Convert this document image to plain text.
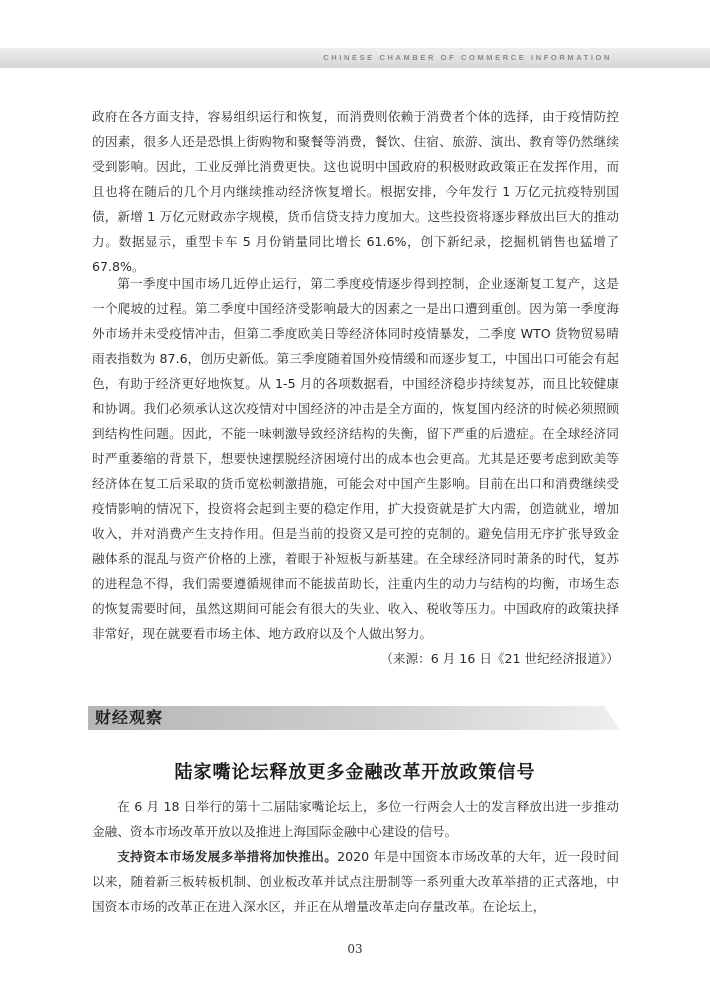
CHINESE CHAMBER OF COMMERCE INFORMATION

政府在各方面支持，容易组织运行和恢复，而消费则依赖于消费者个体的选择，由于疫情防控的因素，很多人还是恐惧上街购物和聚餐等消费，餐饮、住宿、旅游、演出、教育等仍然继续受到影响。因此，工业反弹比消费更快。这也说明中国政府的积极财政政策正在发挥作用，而且也将在随后的几个月内继续推动经济恢复增长。根据安排，今年发行 1 万亿元抗疫特别国债，新增 1 万亿元财政赤字规模，货币信贷支持力度加大。这些投资将逐步释放出巨大的推动力。数据显示，重型卡车 5 月份销量同比增长 61.6%，创下新纪录，挖掘机销售也猛增了 67.8%。

第一季度中国市场几近停止运行，第二季度疫情逐步得到控制，企业逐渐复工复产，这是一个爬坡的过程。第二季度中国经济受影响最大的因素之一是出口遭到重创。因为第一季度海外市场并未受疫情冲击，但第二季度欧美日等经济体同时疫情暴发，二季度 WTO 货物贸易晴雨表指数为 87.6，创历史新低。第三季度随着国外疫情缓和而逐步复工，中国出口可能会有起色，有助于经济更好地恢复。从 1-5 月的各项数据看，中国经济稳步持续复苏，而且比较健康和协调。我们必须承认这次疫情对中国经济的冲击是全方面的，恢复国内经济的时候必须照顾到结构性问题。因此，不能一味刺激导致经济结构的失衡，留下严重的后遗症。在全球经济同时严重萎缩的背景下，想要快速摆脱经济困境付出的成本也会更高。尤其是还要考虑到欧美等经济体在复工后采取的货币宽松刺激措施，可能会对中国产生影响。目前在出口和消费继续受疫情影响的情况下，投资将会起到主要的稳定作用，扩大投资就是扩大内需，创造就业，增加收入，并对消费产生支持作用。但是当前的投资又是可控的克制的。避免信用无序扩张导致金融体系的混乱与资产价格的上涨，着眼于补短板与新基建。在全球经济同时萧条的时代，复苏的进程急不得，我们需要遵循规律而不能拔苗助长，注重内生的动力与结构的均衡，市场生态的恢复需要时间，虽然这期间可能会有很大的失业、收入、税收等压力。中国政府的政策抉择非常好，现在就要看市场主体、地方政府以及个人做出努力。
（来源：6 月 16 日《21 世纪经济报道》）

财经观察
陆家嘴论坛释放更多金融改革开放政策信号

在 6 月 18 日举行的第十二届陆家嘴论坛上，多位一行两会人士的发言释放出进一步推动金融、资本市场改革开放以及推进上海国际金融中心建设的信号。

支持资本市场发展多举措将加快推出。2020 年是中国资本市场改革的大年，近一段时间以来，随着新三板转板机制、创业板改革并试点注册制等一系列重大改革举措的正式落地，中国资本市场的改革正在进入深水区，并正在从增量改革走向存量改革。在论坛上，

03
